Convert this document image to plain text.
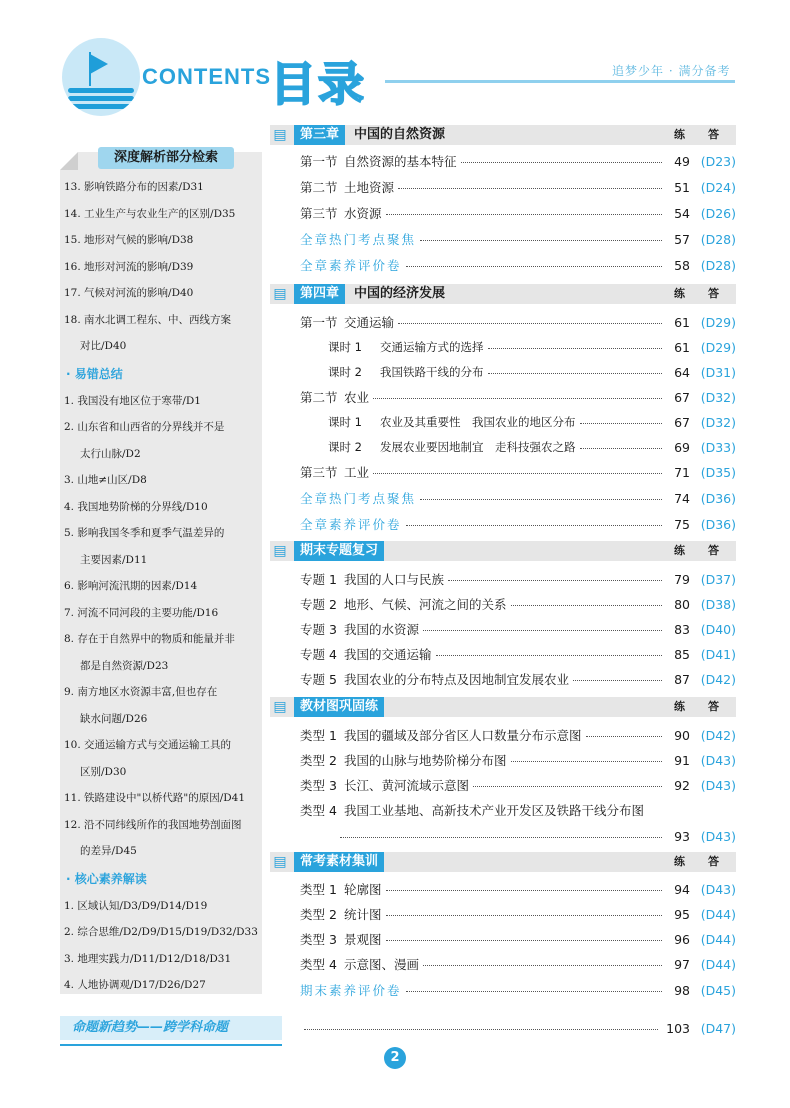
CONTENTS 目录	追梦少年 · 满分备考
深度解析部分检索
13. 影响铁路分布的因素/D31
14. 工业生产与农业生产的区别/D35
15. 地形对气候的影响/D38
16. 地形对河流的影响/D39
17. 气候对河流的影响/D40
18. 南水北调工程东、中、西线方案
对比/D40
· 易错总结
1. 我国没有地区位于寒带/D1
2. 山东省和山西省的分界线并不是
太行山脉/D2
3. 山地≠山区/D8
4. 我国地势阶梯的分界线/D10
5. 影响我国冬季和夏季气温差异的
主要因素/D11
6. 影响河流汛期的因素/D14
7. 河流不同河段的主要功能/D16
8. 存在于自然界中的物质和能量并非
都是自然资源/D23
9. 南方地区水资源丰富,但也存在
缺水问题/D26
10. 交通运输方式与交通运输工具的
区别/D30
11. 铁路建设中"以桥代路"的原因/D41
12. 沿不同纬线所作的我国地势剖面图
的差异/D45
· 核心素养解读
1. 区域认知/D3/D9/D14/D19
2. 综合思维/D2/D9/D15/D19/D32/D33
3. 地理实践力/D11/D12/D18/D31
4. 人地协调观/D17/D26/D27
▤	第三章	中国的自然资源	练 答
第一节 自然资源的基本特征	49 (D23)
第二节 土地资源	51 (D24)
第三节 水资源	54 (D26)
全章热门考点聚焦	57 (D28)
全章素养评价卷	58 (D28)
▤	第四章	中国的经济发展	练 答
第一节 交通运输	61 (D29)
课时 1	交通运输方式的选择	61 (D29)
课时 2	我国铁路干线的分布	64 (D31)
第二节 农业	67 (D32)
课时 1	农业及其重要性　我国农业的地区分布	67 (D32)
课时 2	发展农业要因地制宜　走科技强农之路	69 (D33)
第三节 工业	71 (D35)
全章热门考点聚焦	74 (D36)
全章素养评价卷	75 (D36)
▤	期末专题复习	练 答
专题 1 我国的人口与民族	79 (D37)
专题 2 地形、气候、河流之间的关系	80 (D38)
专题 3 我国的水资源	83 (D40)
专题 4 我国的交通运输	85 (D41)
专题 5 我国农业的分布特点及因地制宜发展农业	87 (D42)
▤	教材图巩固练	练 答
类型 1 我国的疆域及部分省区人口数量分布示意图	90 (D42)
类型 2 我国的山脉与地势阶梯分布图	91 (D43)
类型 3 长江、黄河流域示意图	92 (D43)
类型 4 我国工业基地、高新技术产业开发区及铁路干线分布图
93 (D43)
▤	常考素材集训	练 答
类型 1 轮廓图	94 (D43)
类型 2 统计图	95 (D44)
类型 3 景观图	96 (D44)
类型 4 示意图、漫画	97 (D44)
期末素养评价卷	98 (D45)
命题新趋势——跨学科命题	103 (D47)
2
